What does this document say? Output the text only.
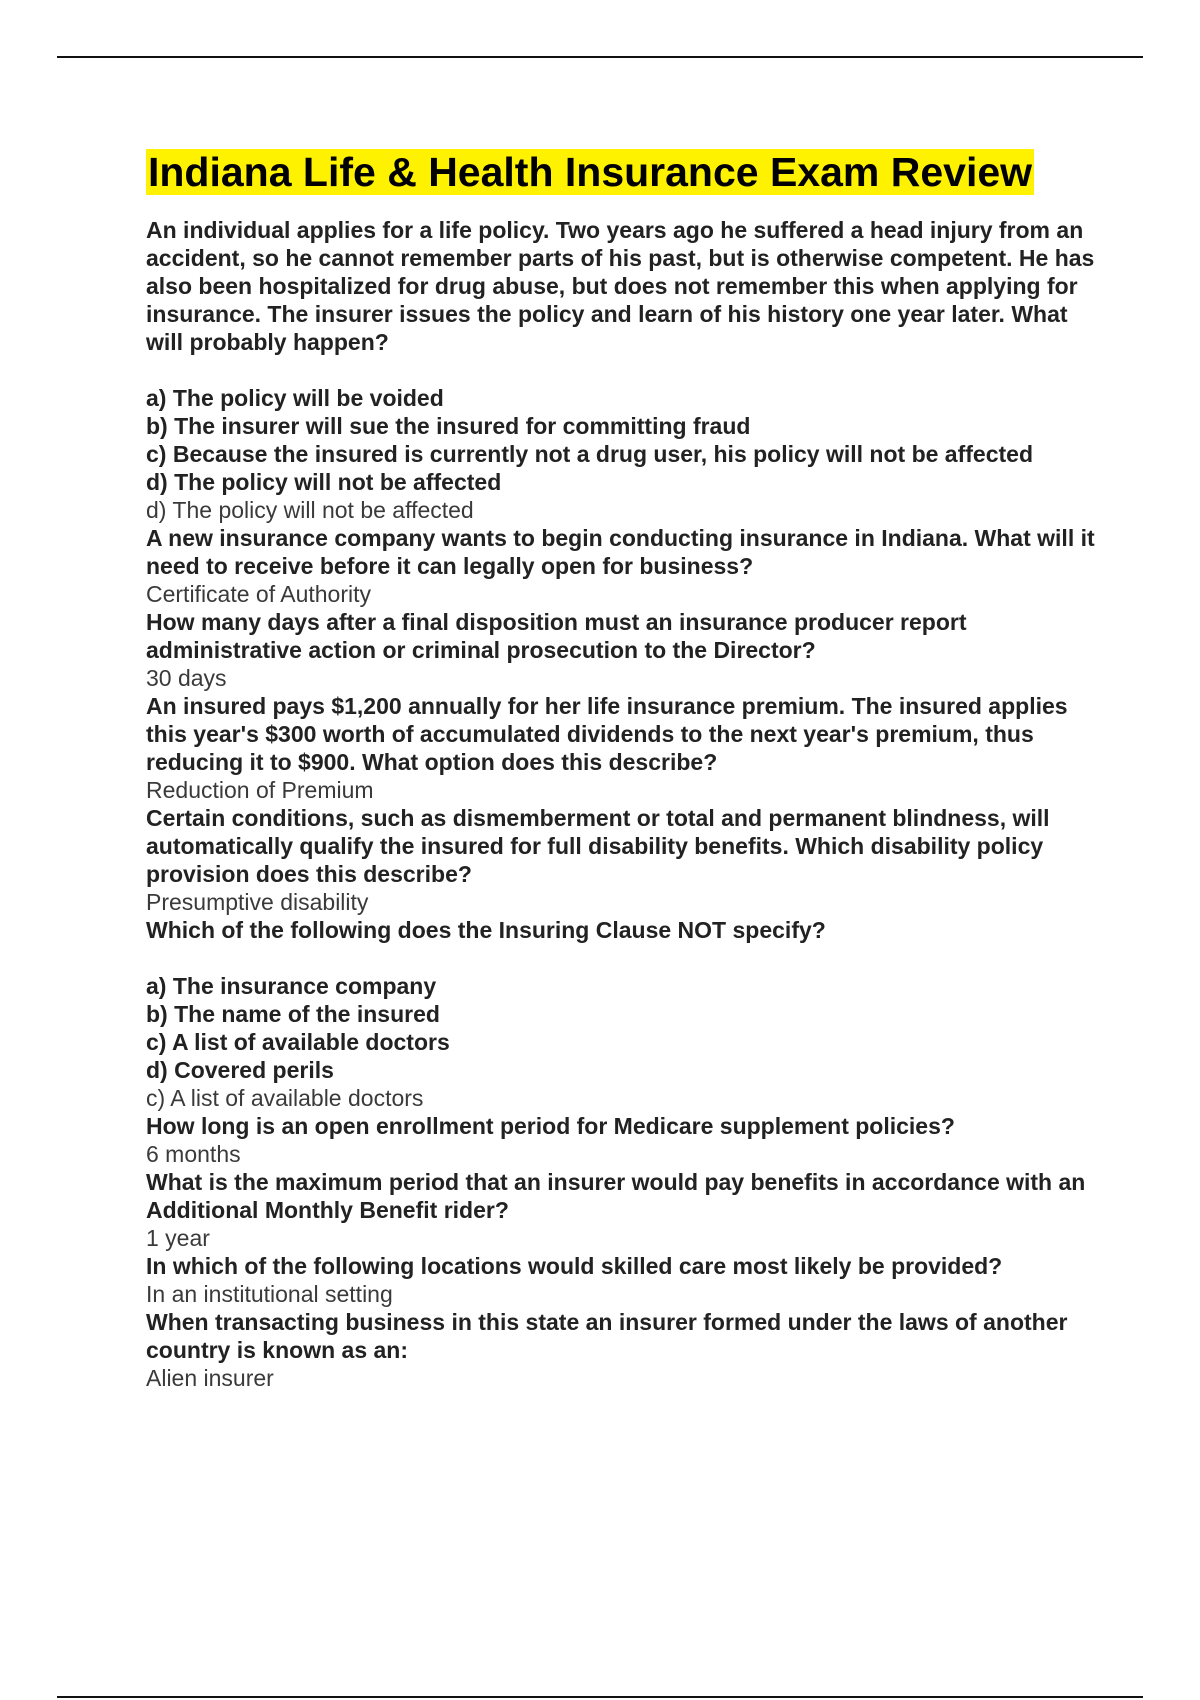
Indiana Life & Health Insurance Exam Review
An individual applies for a life policy. Two years ago he suffered a head injury from an accident, so he cannot remember parts of his past, but is otherwise competent. He has also been hospitalized for drug abuse, but does not remember this when applying for insurance. The insurer issues the policy and learn of his history one year later. What will probably happen?

a) The policy will be voided
b) The insurer will sue the insured for committing fraud
c) Because the insured is currently not a drug user, his policy will not be affected
d) The policy will not be affected
d) The policy will not be affected
A new insurance company wants to begin conducting insurance in Indiana. What will it need to receive before it can legally open for business?
Certificate of Authority
How many days after a final disposition must an insurance producer report administrative action or criminal prosecution to the Director?
30 days
An insured pays $1,200 annually for her life insurance premium. The insured applies this year's $300 worth of accumulated dividends to the next year's premium, thus reducing it to $900. What option does this describe?
Reduction of Premium
Certain conditions, such as dismemberment or total and permanent blindness, will automatically qualify the insured for full disability benefits. Which disability policy provision does this describe?
Presumptive disability
Which of the following does the Insuring Clause NOT specify?

a) The insurance company
b) The name of the insured
c) A list of available doctors
d) Covered perils
c) A list of available doctors
How long is an open enrollment period for Medicare supplement policies?
6 months
What is the maximum period that an insurer would pay benefits in accordance with an Additional Monthly Benefit rider?
1 year
In which of the following locations would skilled care most likely be provided?
In an institutional setting
When transacting business in this state an insurer formed under the laws of another country is known as an:
Alien insurer
